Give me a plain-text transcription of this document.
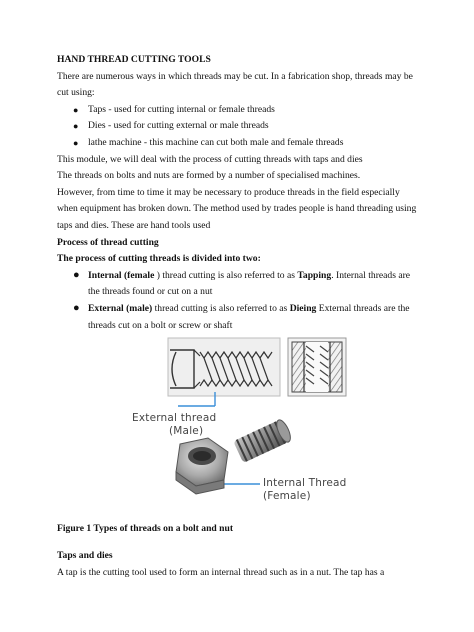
HAND THREAD CUTTING TOOLS

There are numerous ways in which threads may be cut. In a fabrication shop, threads may be cut using:

● Taps - used for cutting internal or female threads
● Dies - used for cutting external or male threads
● lathe machine - this machine can cut both male and female threads

This module, we will deal with the process of cutting threads with taps and dies

The threads on bolts and nuts are formed by a number of specialised machines.

However, from time to time it may be necessary to produce threads in the field especially when equipment has broken down. The method used by trades people is hand threading using taps and dies. These are hand tools used

Process of thread cutting

The process of cutting threads is divided into two:

● Internal (female ) thread cutting is also referred to as Tapping. Internal threads are the threads found or cut on a nut
● External (male) thread cutting is also referred to as Dieing External threads are the threads cut on a bolt or screw or shaft
External thread
(Male)
Internal Thread
(Female)

Figure 1 Types of threads on a bolt and nut

Taps and dies

A tap is the cutting tool used to form an internal thread such as in a nut. The tap has a
